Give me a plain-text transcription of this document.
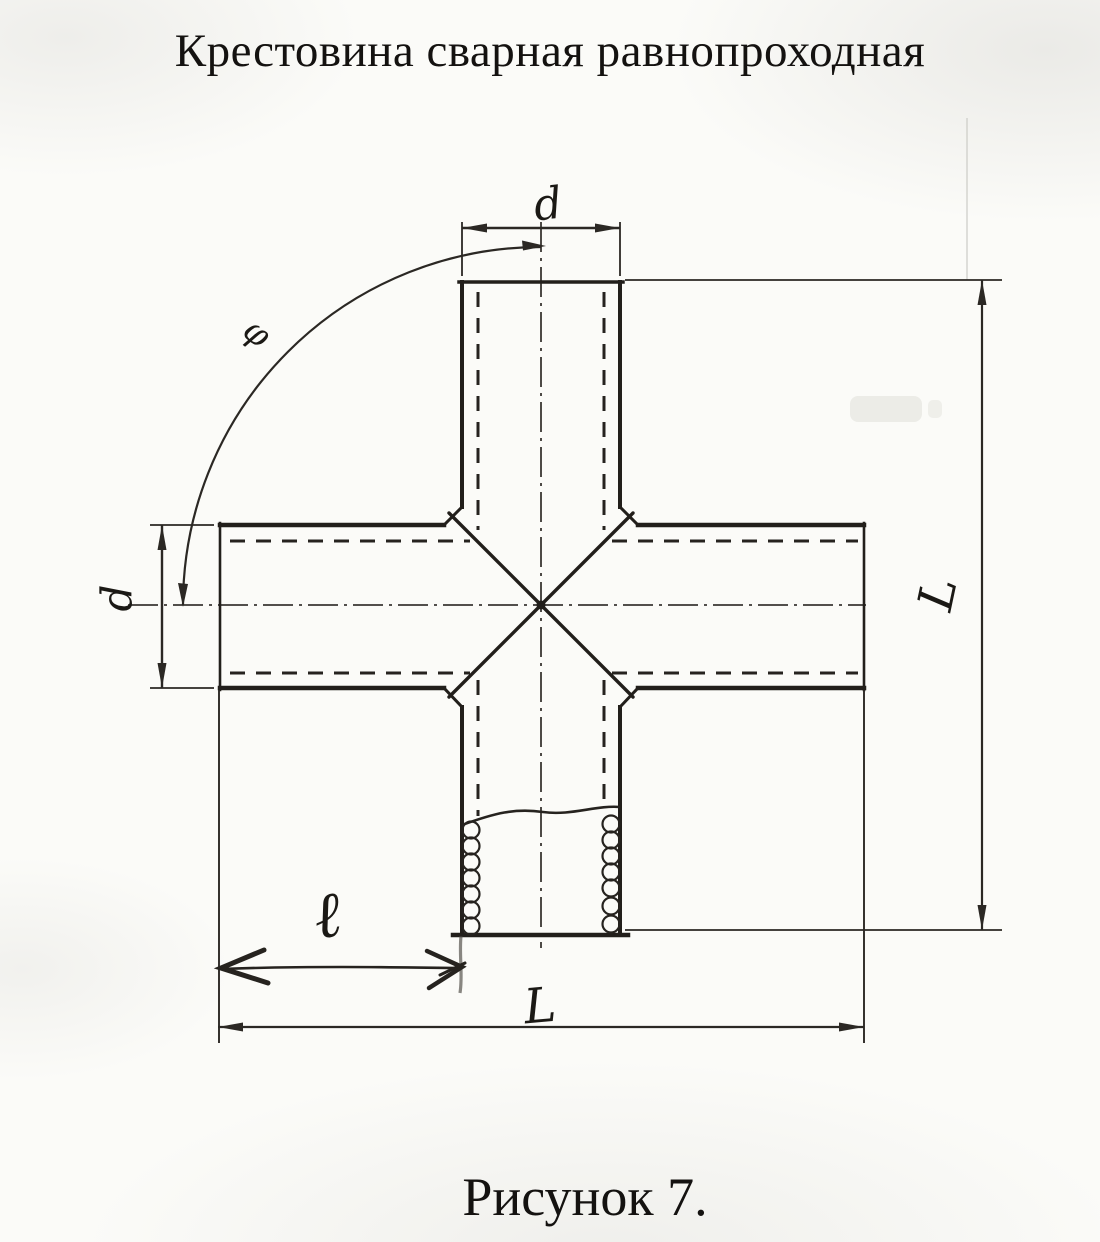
Крестовина сварная равнопроходная
d
φ
d	L
ℓ
L
Рисунок 7.
